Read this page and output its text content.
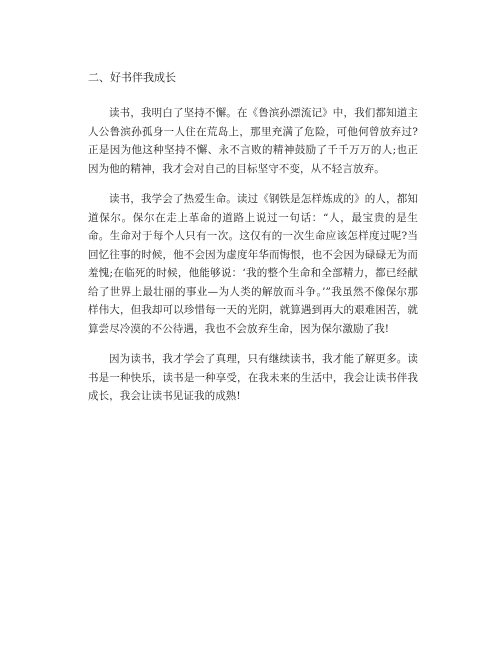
二、好书伴我成长

读书，我明白了坚持不懈。在《鲁滨孙漂流记》中，我们都知道主人公鲁滨孙孤身一人住在荒岛上，那里充满了危险，可他何曾放弃过?正是因为他这种坚持不懈、永不言败的精神鼓励了千千万万的人;也正因为他的精神，我才会对自己的目标坚守不变，从不轻言放弃。

读书，我学会了热爱生命。读过《钢铁是怎样炼成的》的人，都知道保尔。保尔在走上革命的道路上说过一句话：“人，最宝贵的是生命。生命对于每个人只有一次。这仅有的一次生命应该怎样度过呢?当回忆往事的时候，他不会因为虚度年华而悔恨，也不会因为碌碌无为而羞愧;在临死的时候，他能够说：‘我的整个生命和全部精力，都已经献给了世界上最壮丽的事业—为人类的解放而斗争。’”我虽然不像保尔那样伟大，但我却可以珍惜每一天的光阴，就算遇到再大的艰难困苦，就算尝尽冷漠的不公待遇，我也不会放弃生命，因为保尔激励了我!

因为读书，我才学会了真理，只有继续读书，我才能了解更多。读书是一种快乐，读书是一种享受，在我未来的生活中，我会让读书伴我成长，我会让读书见证我的成熟!
